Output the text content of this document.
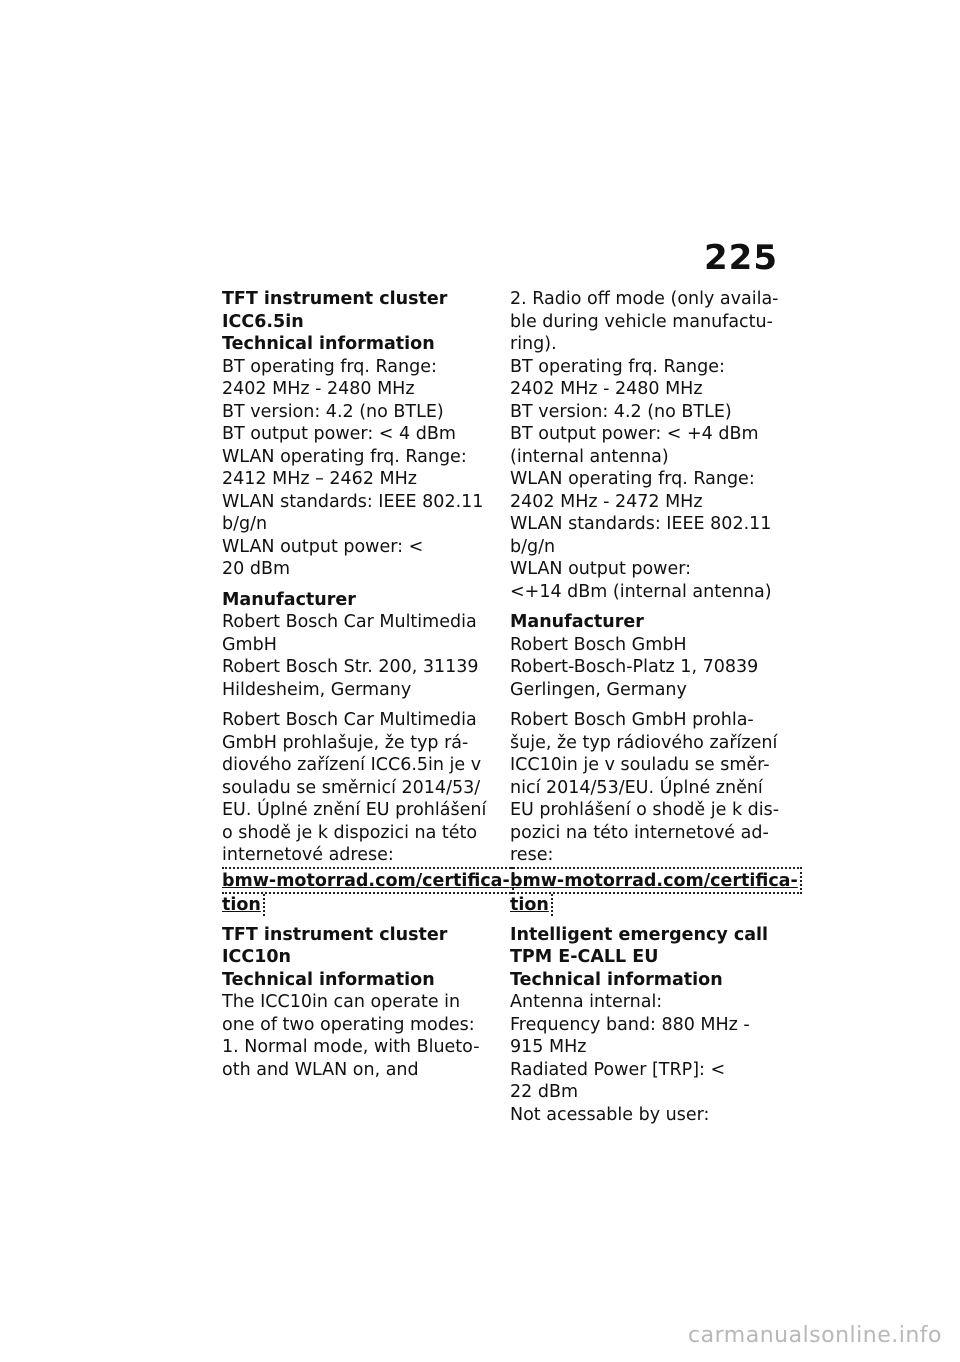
225
TFT instrument cluster
ICC6.5in
Technical information
BT operating frq. Range:
2402 MHz - 2480 MHz
BT version: 4.2 (no BTLE)
BT output power: < 4 dBm
WLAN operating frq. Range:
2412 MHz – 2462 MHz
WLAN standards: IEEE 802.11
b/g/n
WLAN output power: <
20 dBm
Manufacturer
Robert Bosch Car Multimedia
GmbH
Robert Bosch Str. 200, 31139
Hildesheim, Germany
Robert Bosch Car Multimedia
GmbH prohlašuje, že typ rá-
diového zařízení ICC6.5in je v
souladu se směrnicí 2014/53/
EU. Úplné znění EU prohlášení
o shodě je k dispozici na této
internetové adrese:
bmw-motorrad.com/certifica-
tion
TFT instrument cluster
ICC10n
Technical information
The ICC10in can operate in
one of two operating modes:
1. Normal mode, with Blueto-
oth and WLAN on, and
2. Radio off mode (only availa-
ble during vehicle manufactu-
ring).
BT operating frq. Range:
2402 MHz - 2480 MHz
BT version: 4.2 (no BTLE)
BT output power: < +4 dBm
(internal antenna)
WLAN operating frq. Range:
2402 MHz - 2472 MHz
WLAN standards: IEEE 802.11
b/g/n
WLAN output power:
<+14 dBm (internal antenna)
Manufacturer
Robert Bosch GmbH
Robert-Bosch-Platz 1, 70839
Gerlingen, Germany
Robert Bosch GmbH prohla-
šuje, že typ rádiového zařízení
ICC10in je v souladu se směr-
nicí 2014/53/EU. Úplné znění
EU prohlášení o shodě je k dis-
pozici na této internetové ad-
rese:
bmw-motorrad.com/certifica-
tion
Intelligent emergency call
TPM E-CALL EU
Technical information
Antenna internal:
Frequency band: 880 MHz -
915 MHz
Radiated Power [TRP]: <
22 dBm
Not acessable by user:
carmanualsonline.info
